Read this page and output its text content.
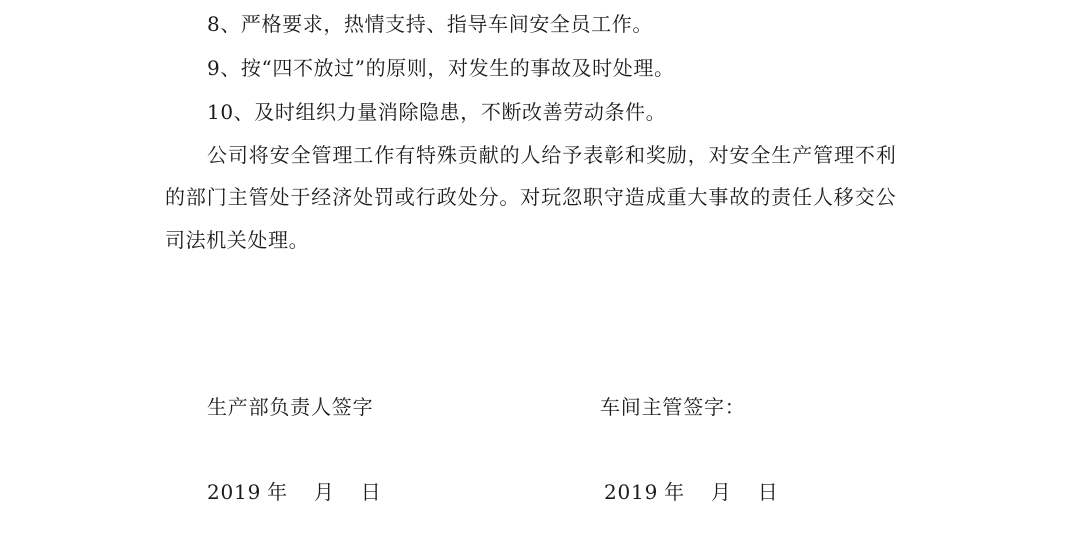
8、严格要求，热情支持、指导车间安全员工作。
9、按“四不放过”的原则，对发生的事故及时处理。
10、及时组织力量消除隐患，不断改善劳动条件。
公司将安全管理工作有特殊贡献的人给予表彰和奖励，对安全生产管理不利
的部门主管处于经济处罚或行政处分。对玩忽职守造成重大事故的责任人移交公
司法机关处理。
生产部负责人签字	车间主管签字：
2019 年 月 日	2019 年 月 日
